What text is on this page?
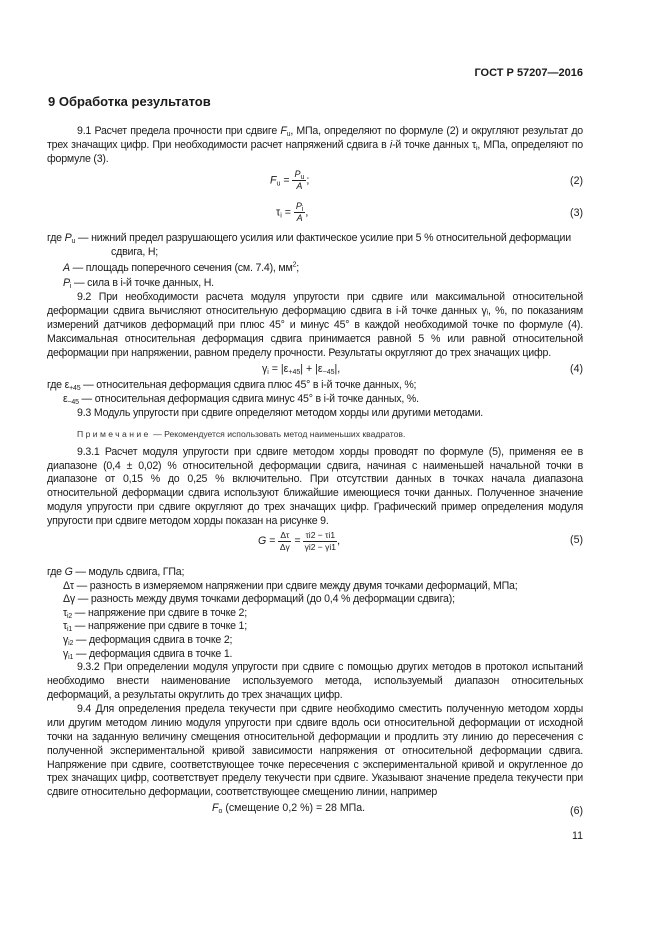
ГОСТ Р 57207—2016
9 Обработка результатов
9.1 Расчет предела прочности при сдвиге $F_u$, МПа, определяют по формуле (2) и округляют результат до трех значащих цифр. При необходимости расчет напряжений сдвига в i-й точке данных $\tau_i$, МПа, определяют по формуле (3).
$F_u = \frac{P_u}{A}$ ;	(2)
$\tau_i = \frac{P_i}{A}$ ,	(3)
где $P_u$ — нижний предел разрушающего усилия или фактическое усилие при 5 % относительной деформации сдвига, Н;
A — площадь поперечного сечения (см. 7.4), $мм^2$;
$P_i$ — сила в i-й точке данных, Н.
9.2 При необходимости расчета модуля упругости при сдвиге или максимальной относительной деформации сдвига вычисляют относительную деформацию сдвига в i-й точке данных γᵢ, %, по показаниям измерений датчиков деформаций при плюс 45° и минус 45° в каждой необходимой точке по формуле (4). Максимальная относительная деформация сдвига принимается равной 5 % или равной относительной деформации при напряжении, равном пределу прочности. Результаты округляют до трех значащих цифр.
$\gamma_i = |\varepsilon_{+45}| + |\varepsilon_{-45}|$,	(4)
где $\varepsilon_{+45}$ — относительная деформация сдвига плюс 45° в i-й точке данных, %;
$\varepsilon_{-45}$ — относительная деформация сдвига минус 45° в i-й точке данных, %.
9.3 Модуль упругости при сдвиге определяют методом хорды или другими методами.
Примечание — Рекомендуется использовать метод наименьших квадратов.
9.3.1 Расчет модуля упругости при сдвиге методом хорды проводят по формуле (5), применяя ее в диапазоне (0,4 ± 0,02) % относительной деформации сдвига, начиная с наименьшей начальной точки в диапазоне от 0,15 % до 0,25 % включительно. При отсутствии данных в точках начала диапазона относительной деформации сдвига используют ближайшие имеющиеся точки данных. Полученное значение модуля упругости при сдвиге округляют до трех значащих цифр. Графический пример определения модуля упругости при сдвиге методом хорды показан на рисунке 9.
$G = \frac{\Delta\tau}{\Delta\gamma} = \frac{\tau i2 - \tau i1}{\gamma i2 - \gamma i1}$ ,	(5)
где G — модуль сдвига, ГПа;
Δτ — разность в измеряемом напряжении при сдвиге между двумя точками деформаций, МПа;
Δγ — разность между двумя точками деформаций (до 0,4 % деформации сдвига);
$\tau_{i2}$ — напряжение при сдвиге в точке 2;
$\tau_{i1}$ — напряжение при сдвиге в точке 1;
$\gamma_{i2}$ — деформация сдвига в точке 2;
$\gamma_{i1}$ — деформация сдвига в точке 1.
9.3.2 При определении модуля упругости при сдвиге с помощью других методов в протокол испытаний необходимо внести наименование используемого метода, используемый диапазон относительных деформаций, а результаты округлить до трех значащих цифр.
9.4 Для определения предела текучести при сдвиге необходимо сместить полученную методом хорды или другим методом линию модуля упругости при сдвиге вдоль оси относительной деформации от исходной точки на заданную величину смещения относительной деформации и продлить эту линию до пересечения с полученной экспериментальной кривой зависимости напряжения от относительной деформации сдвига. Напряжение при сдвиге, соответствующее точке пересечения с экспериментальной кривой и округленное до трех значащих цифр, соответствует пределу текучести при сдвиге. Указывают значение предела текучести при сдвиге относительно деформации, соответствующее смещению линии, например
$F_o$ (смещение 0,2 %) = 28 МПа.	(6)
11
